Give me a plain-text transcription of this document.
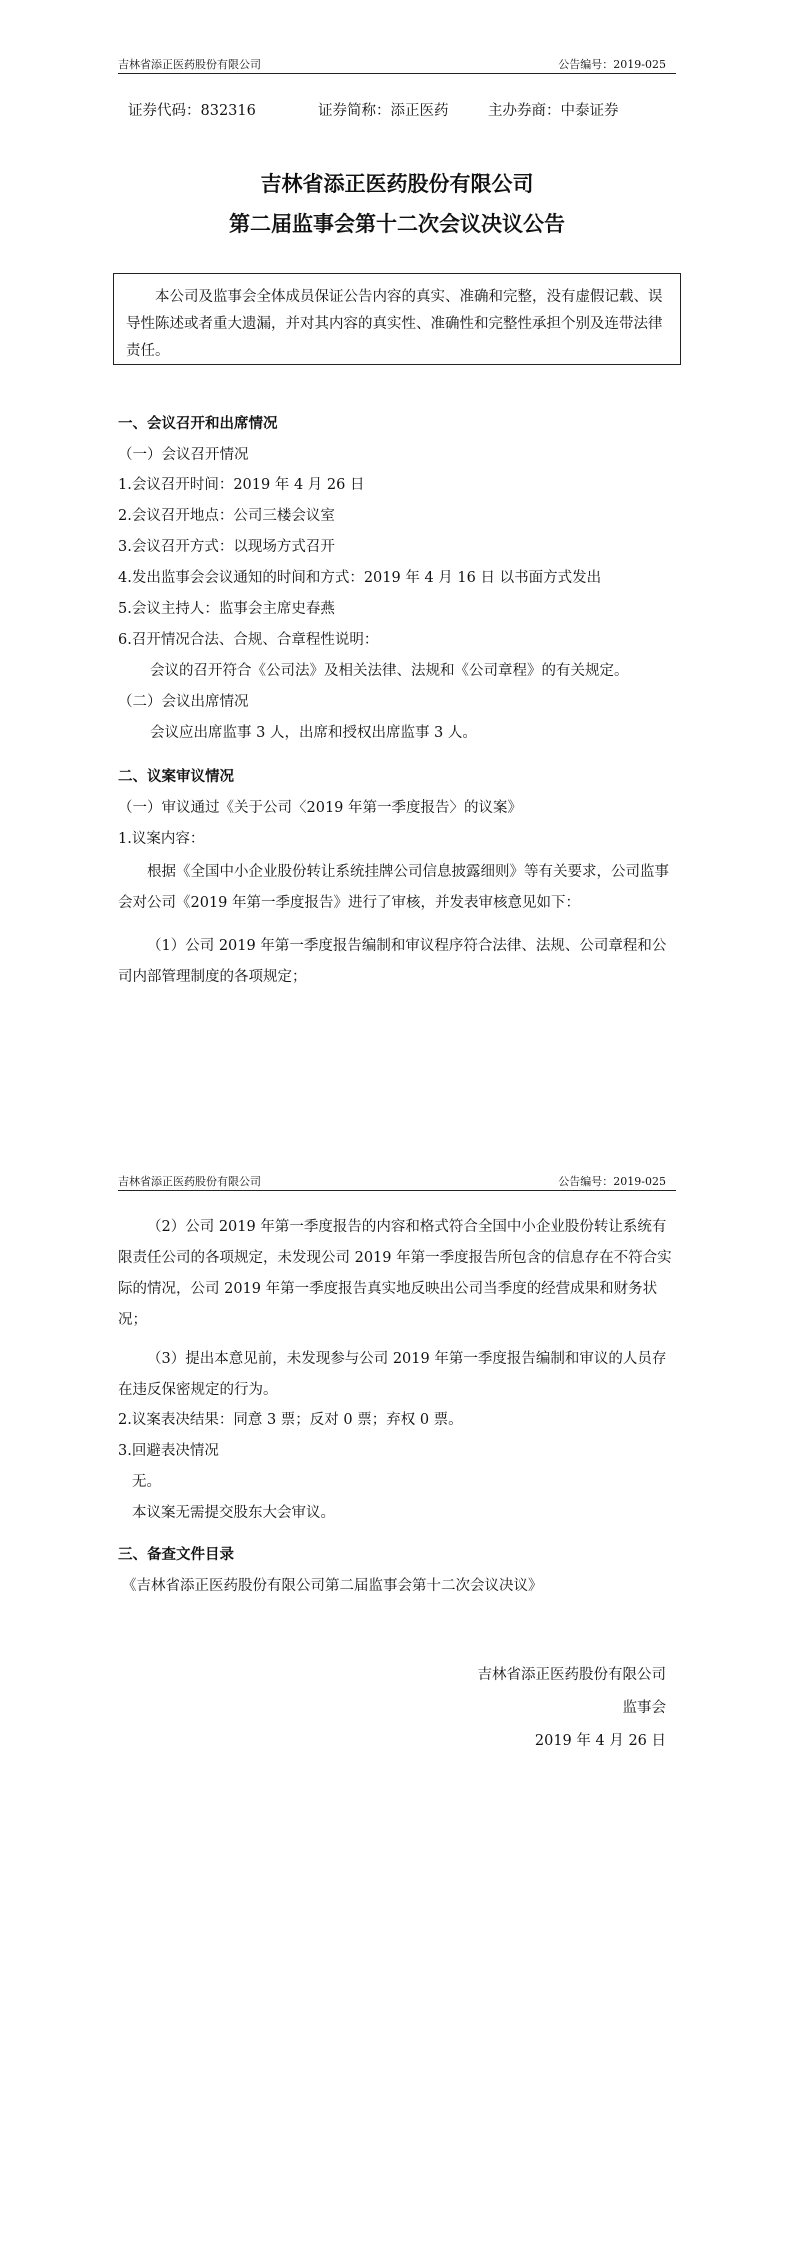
吉林省添正医药股份有限公司	公告编号：2019-025
证券代码：832316	证券简称：添正医药	主办券商：中泰证券
吉林省添正医药股份有限公司
第二届监事会第十二次会议决议公告

本公司及监事会全体成员保证公告内容的真实、准确和完整，没有虚假记载、误导性陈述或者重大遗漏，并对其内容的真实性、准确性和完整性承担个别及连带法律责任。

一、会议召开和出席情况
（一）会议召开情况
1.会议召开时间：2019 年 4 月 26 日
2.会议召开地点：公司三楼会议室
3.会议召开方式：以现场方式召开
4.发出监事会会议通知的时间和方式：2019 年 4 月 16 日 以书面方式发出
5.会议主持人：监事会主席史春燕
6.召开情况合法、合规、合章程性说明：
会议的召开符合《公司法》及相关法律、法规和《公司章程》的有关规定。
（二）会议出席情况
会议应出席监事 3 人，出席和授权出席监事 3 人。
二、议案审议情况
（一）审议通过《关于公司〈2019 年第一季度报告〉的议案》
1.议案内容：

根据《全国中小企业股份转让系统挂牌公司信息披露细则》等有关要求，公司监事会对公司《2019 年第一季度报告》进行了审核，并发表审核意见如下：

（1）公司 2019 年第一季度报告编制和审议程序符合法律、法规、公司章程和公司内部管理制度的各项规定；

吉林省添正医药股份有限公司	公告编号：2019-025

（2）公司 2019 年第一季度报告的内容和格式符合全国中小企业股份转让系统有限责任公司的各项规定，未发现公司 2019 年第一季度报告所包含的信息存在不符合实际的情况，公司 2019 年第一季度报告真实地反映出公司当季度的经营成果和财务状况；

（3）提出本意见前，未发现参与公司 2019 年第一季度报告编制和审议的人员存在违反保密规定的行为。

2.议案表决结果：同意 3 票；反对 0 票；弃权 0 票。
3.回避表决情况
无。
本议案无需提交股东大会审议。
三、备查文件目录
《吉林省添正医药股份有限公司第二届监事会第十二次会议决议》
吉林省添正医药股份有限公司
监事会
2019 年 4 月 26 日
